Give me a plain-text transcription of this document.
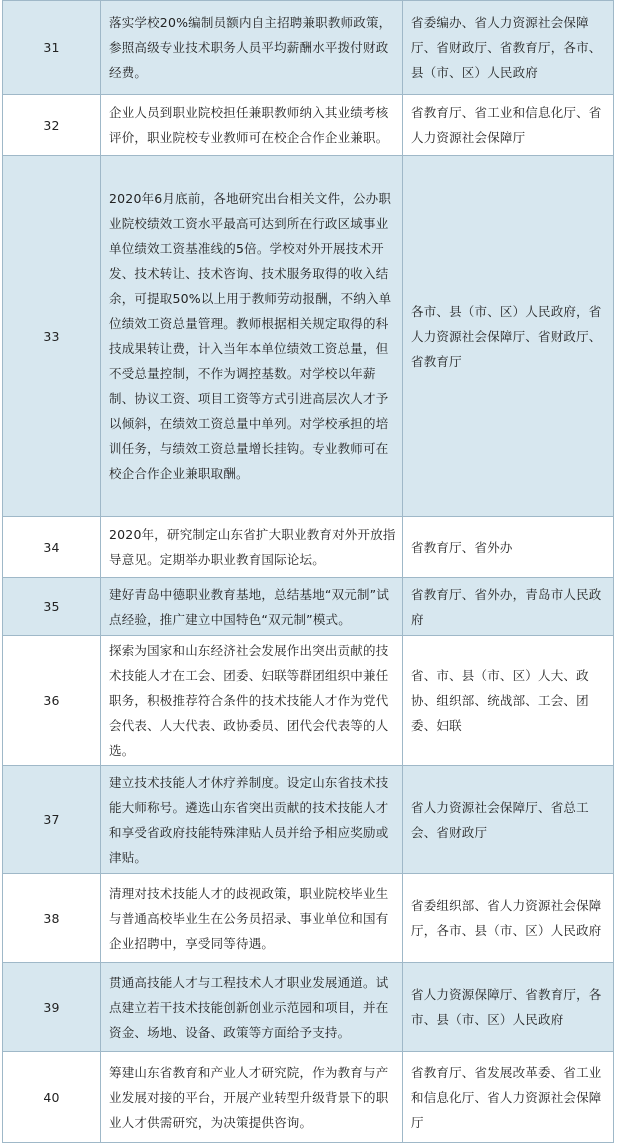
31	落实学校20%编制员额内自主招聘兼职教师政策，参照高级专业技术职务人员平均薪酬水平拨付财政经费。	省委编办、省人力资源社会保障厅、省财政厅、省教育厅，各市、县（市、区）人民政府
32	企业人员到职业院校担任兼职教师纳入其业绩考核评价，职业院校专业教师可在校企合作企业兼职。	省教育厅、省工业和信息化厅、省人力资源社会保障厅
33	2020年6月底前，各地研究出台相关文件，公办职业院校绩效工资水平最高可达到所在行政区域事业单位绩效工资基准线的5倍。学校对外开展技术开发、技术转让、技术咨询、技术服务取得的收入结余，可提取50%以上用于教师劳动报酬，不纳入单位绩效工资总量管理。教师根据相关规定取得的科技成果转让费，计入当年本单位绩效工资总量，但不受总量控制，不作为调控基数。对学校以年薪制、协议工资、项目工资等方式引进高层次人才予以倾斜，在绩效工资总量中单列。对学校承担的培训任务，与绩效工资总量增长挂钩。专业教师可在校企合作企业兼职取酬。	各市、县（市、区）人民政府，省人力资源社会保障厅、省财政厅、省教育厅
34	2020年，研究制定山东省扩大职业教育对外开放指导意见。定期举办职业教育国际论坛。	省教育厅、省外办
35	建好青岛中德职业教育基地，总结基地“双元制”试点经验，推广建立中国特色“双元制”模式。	省教育厅、省外办，青岛市人民政府
36	探索为国家和山东经济社会发展作出突出贡献的技术技能人才在工会、团委、妇联等群团组织中兼任职务，积极推荐符合条件的技术技能人才作为党代会代表、人大代表、政协委员、团代会代表等的人选。	省、市、县（市、区）人大、政协、组织部、统战部、工会、团委、妇联
37	建立技术技能人才休疗养制度。设定山东省技术技能大师称号。遴选山东省突出贡献的技术技能人才和享受省政府技能特殊津贴人员并给予相应奖励或津贴。	省人力资源社会保障厅、省总工会、省财政厅
38	清理对技术技能人才的歧视政策，职业院校毕业生与普通高校毕业生在公务员招录、事业单位和国有企业招聘中，享受同等待遇。	省委组织部、省人力资源社会保障厅，各市、县（市、区）人民政府
39	贯通高技能人才与工程技术人才职业发展通道。试点建立若干技术技能创新创业示范园和项目，并在资金、场地、设备、政策等方面给予支持。	省人力资源保障厅、省教育厅，各市、县（市、区）人民政府
40	筹建山东省教育和产业人才研究院，作为教育与产业发展对接的平台，开展产业转型升级背景下的职业人才供需研究，为决策提供咨询。	省教育厅、省发展改革委、省工业和信息化厅、省人力资源社会保障厅
